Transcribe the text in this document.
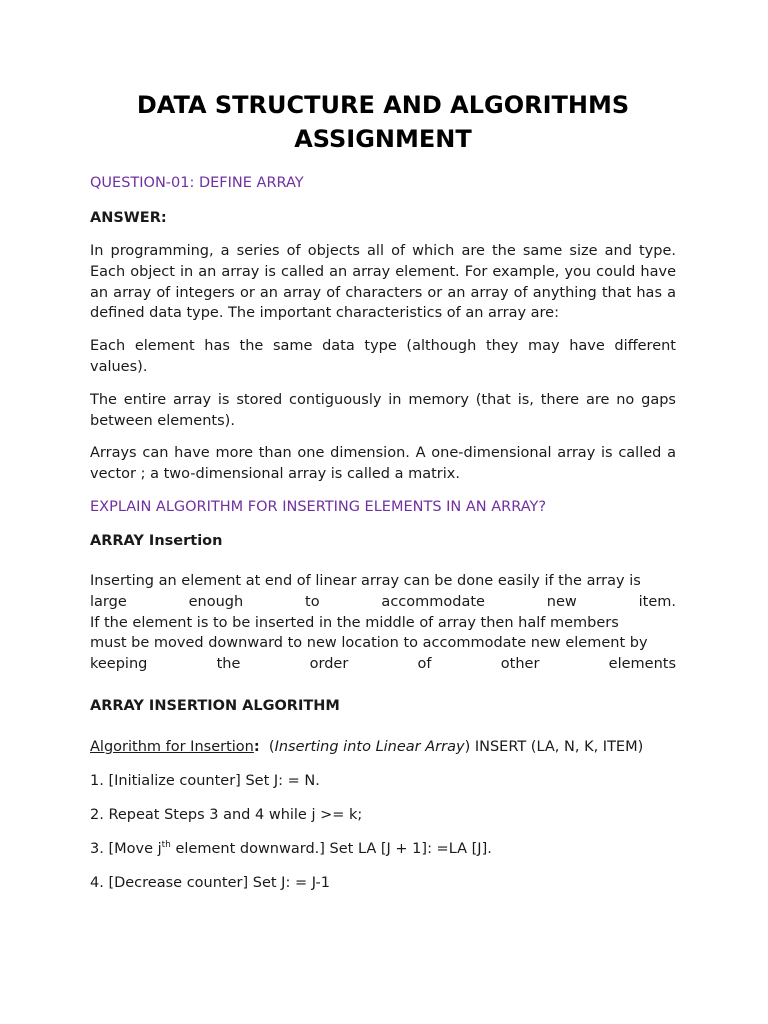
DATA STRUCTURE AND ALGORITHMS
ASSIGNMENT
QUESTION-01: DEFINE ARRAY
ANSWER:
In programming, a series of objects all of which are the same size and type. Each object in an array is called an array element. For example, you could have an array of integers or an array of characters or an array of anything that has a defined data type. The important characteristics of an array are:
Each element has the same data type (although they may have different values).
The entire array is stored contiguously in memory (that is, there are no gaps between elements).
Arrays can have more than one dimension. A one-dimensional array is called a vector ; a two-dimensional array is called a matrix.
EXPLAIN ALGORITHM FOR INSERTING ELEMENTS IN AN ARRAY?
ARRAY Insertion
Inserting an element at end of linear array can be done easily if the array is
large enough to accommodate new item.
If the element is to be inserted in the middle of array then half members
must be moved downward to new location to accommodate new element by
keeping the order of other elements
ARRAY INSERTION ALGORITHM
Algorithm for Insertion: (Inserting into Linear Array) INSERT (LA, N, K, ITEM)
1. [Initialize counter] Set J: = N.
2. Repeat Steps 3 and 4 while j >= k;
3. [Move $j^{th}$ element downward.] Set LA [J + 1]: =LA [J].
4. [Decrease counter] Set J: = J-1
